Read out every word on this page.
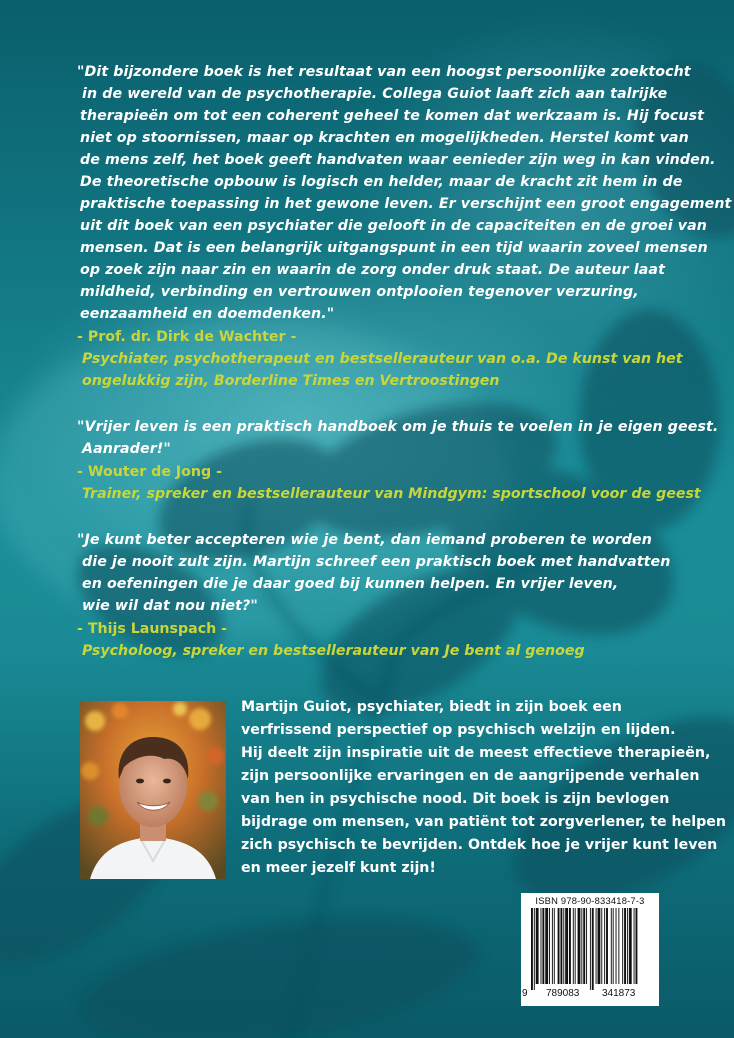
"Dit bijzondere boek is het resultaat van een hoogst persoonlijke zoektocht
in de wereld van de psychotherapie. Collega Guiot laaft zich aan talrijke
therapieën om tot een coherent geheel te komen dat werkzaam is. Hij focust
niet op stoornissen, maar op krachten en mogelijkheden. Herstel komt van
de mens zelf, het boek geeft handvaten waar eenieder zijn weg in kan vinden.
De theoretische opbouw is logisch en helder, maar de kracht zit hem in de
praktische toepassing in het gewone leven. Er verschijnt een groot engagement
uit dit boek van een psychiater die gelooft in de capaciteiten en de groei van
mensen. Dat is een belangrijk uitgangspunt in een tijd waarin zoveel mensen
op zoek zijn naar zin en waarin de zorg onder druk staat. De auteur laat
mildheid, verbinding en vertrouwen ontplooien tegenover verzuring,
eenzaamheid en doemdenken."
- Prof. dr. Dirk de Wachter -
Psychiater, psychotherapeut en bestsellerauteur van o.a. De kunst van het
ongelukkig zijn, Borderline Times en Vertroostingen
"Vrijer leven is een praktisch handboek om je thuis te voelen in je eigen geest.
Aanrader!"
- Wouter de Jong -
Trainer, spreker en bestsellerauteur van Mindgym: sportschool voor de geest
"Je kunt beter accepteren wie je bent, dan iemand proberen te worden
die je nooit zult zijn. Martijn schreef een praktisch boek met handvatten
en oefeningen die je daar goed bij kunnen helpen. En vrijer leven,
wie wil dat nou niet?"
- Thijs Launspach -
Psycholoog, spreker en bestsellerauteur van Je bent al genoeg
Martijn Guiot, psychiater, biedt in zijn boek een
verfrissend perspectief op psychisch welzijn en lijden.
Hij deelt zijn inspiratie uit de meest effectieve therapieën,
zijn persoonlijke ervaringen en de aangrijpende verhalen
van hen in psychische nood. Dit boek is zijn bevlogen
bijdrage om mensen, van patiënt tot zorgverlener, te helpen
zich psychisch te bevrijden. Ontdek hoe je vrijer kunt leven
en meer jezelf kunt zijn!
ISBN 978-90-833418-7-3
9 789083 341873
